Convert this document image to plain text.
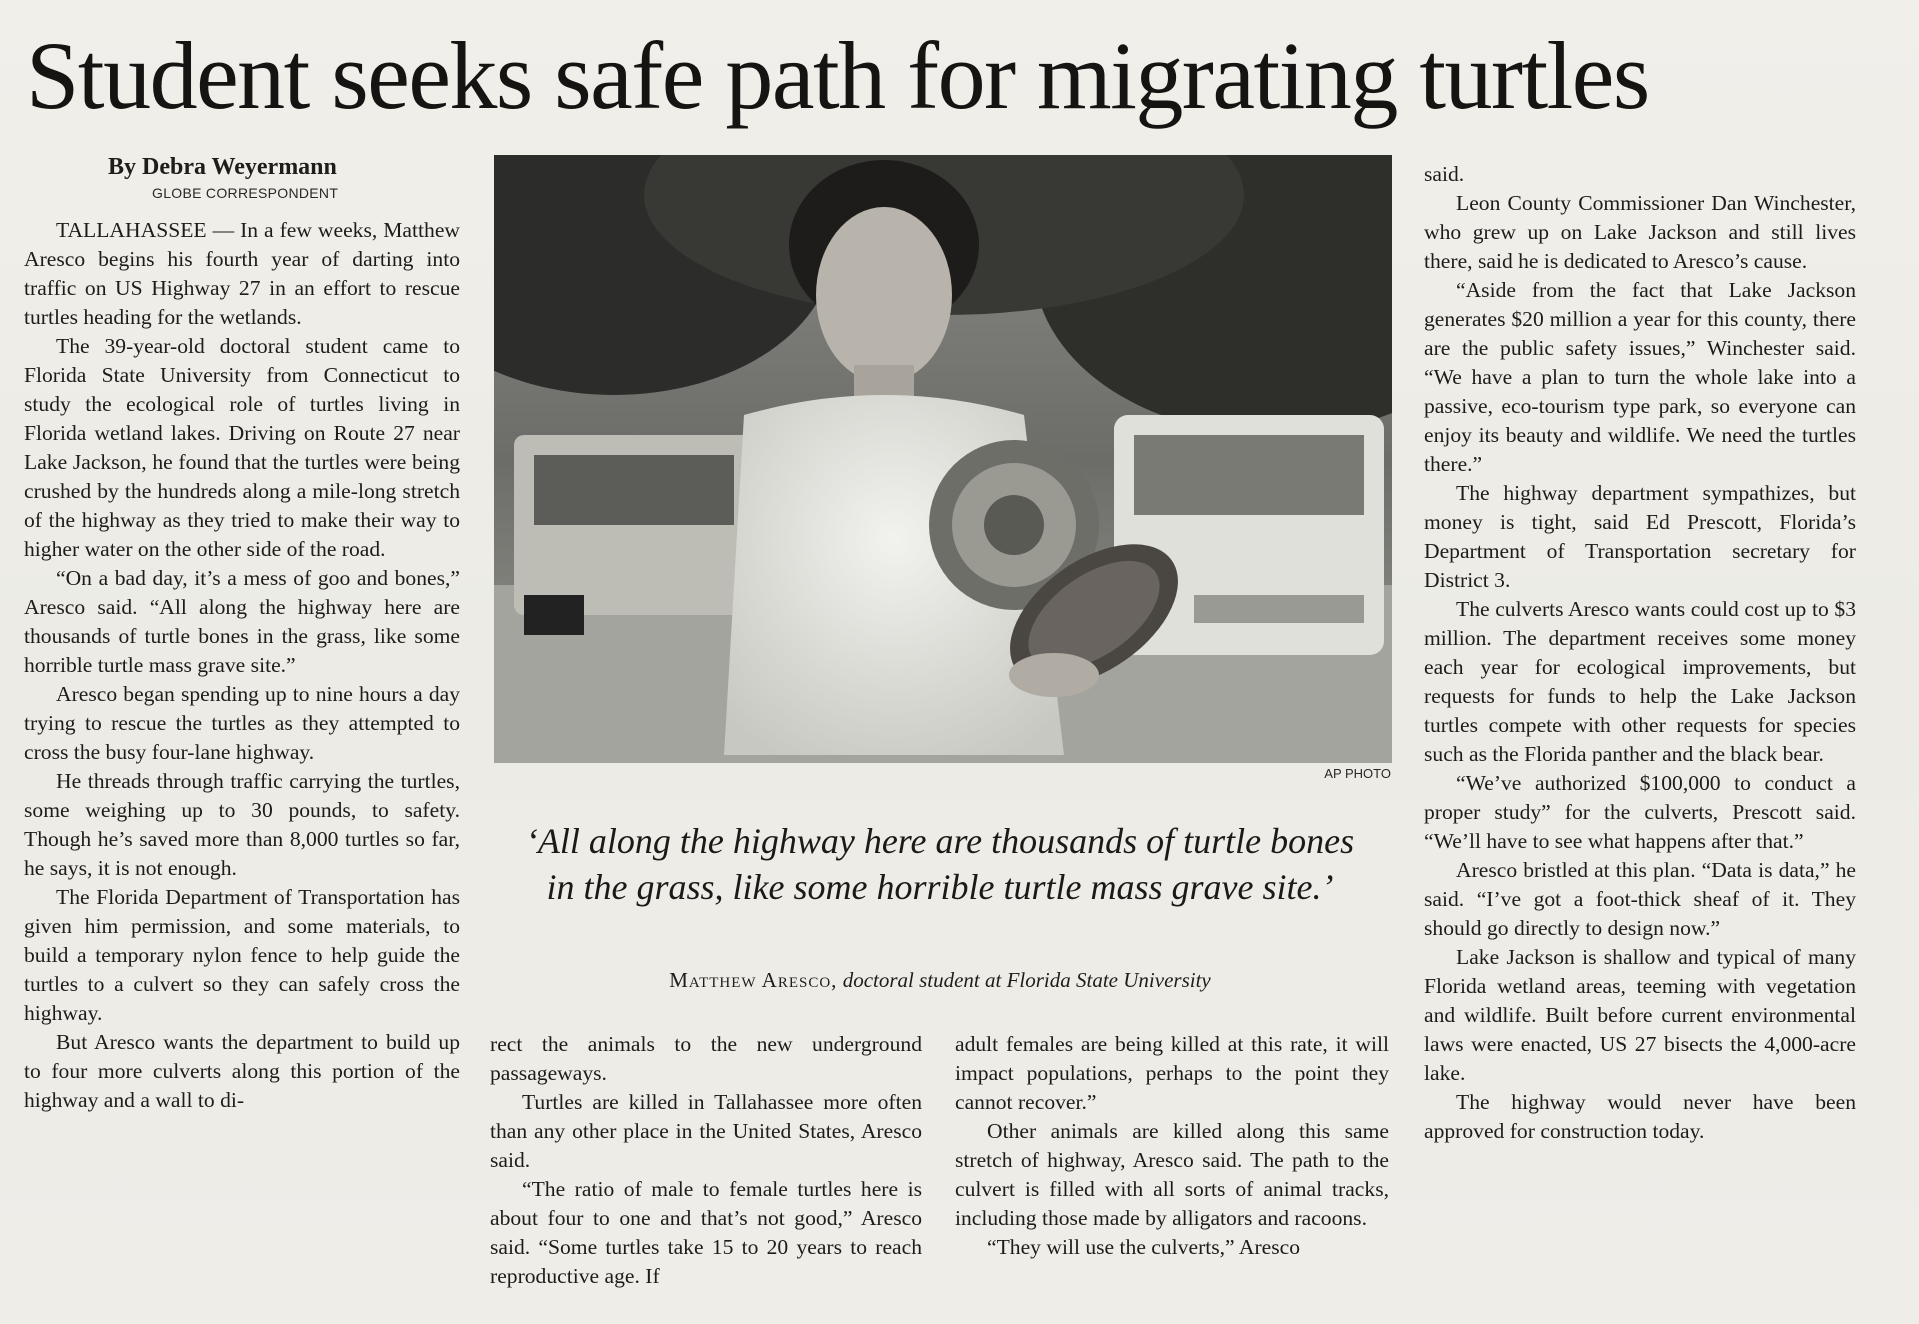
Student seeks safe path for migrating turtles
By Debra Weyermann
GLOBE CORRESPONDENT

TALLAHASSEE — In a few weeks, Matthew Aresco begins his fourth year of darting into traffic on US Highway 27 in an effort to rescue turtles heading for the wetlands.

The 39-year-old doctoral student came to Florida State University from Connecticut to study the ecological role of turtles living in Florida wetland lakes. Driving on Route 27 near Lake Jackson, he found that the turtles were being crushed by the hundreds along a mile-long stretch of the highway as they tried to make their way to higher water on the other side of the road.

“On a bad day, it’s a mess of goo and bones,” Aresco said. “All along the highway here are thousands of turtle bones in the grass, like some horrible turtle mass grave site.”

Aresco began spending up to nine hours a day trying to rescue the turtles as they attempted to cross the busy four-lane highway.

He threads through traffic carrying the turtles, some weighing up to 30 pounds, to safety. Though he’s saved more than 8,000 turtles so far, he says, it is not enough.

The Florida Department of Transportation has given him permission, and some materials, to build a temporary nylon fence to help guide the turtles to a culvert so they can safely cross the highway.

But Aresco wants the department to build up to four more culverts along this portion of the highway and a wall to di-

AP PHOTO
‘All along the highway here are thousands of turtle bones in the grass, like some horrible turtle mass grave site.’
Matthew Aresco, doctoral student at Florida State University

rect the animals to the new underground passageways.

Turtles are killed in Tallahassee more often than any other place in the United States, Aresco said.

“The ratio of male to female turtles here is about four to one and that’s not good,” Aresco said. “Some turtles take 15 to 20 years to reach reproductive age. If

adult females are being killed at this rate, it will impact populations, perhaps to the point they cannot recover.”

Other animals are killed along this same stretch of highway, Aresco said. The path to the culvert is filled with all sorts of animal tracks, including those made by alligators and racoons.

“They will use the culverts,” Aresco

said.

Leon County Commissioner Dan Winchester, who grew up on Lake Jackson and still lives there, said he is dedicated to Aresco’s cause.

“Aside from the fact that Lake Jackson generates $20 million a year for this county, there are the public safety issues,” Winchester said. “We have a plan to turn the whole lake into a passive, eco-tourism type park, so everyone can enjoy its beauty and wildlife. We need the turtles there.”

The highway department sympathizes, but money is tight, said Ed Prescott, Florida’s Department of Transportation secretary for District 3.

The culverts Aresco wants could cost up to $3 million. The department receives some money each year for ecological improvements, but requests for funds to help the Lake Jackson turtles compete with other requests for species such as the Florida panther and the black bear.

“We’ve authorized $100,000 to conduct a proper study” for the culverts, Prescott said. “We’ll have to see what happens after that.”

Aresco bristled at this plan. “Data is data,” he said. “I’ve got a foot-thick sheaf of it. They should go directly to design now.”

Lake Jackson is shallow and typical of many Florida wetland areas, teeming with vegetation and wildlife. Built before current environmental laws were enacted, US 27 bisects the 4,000-acre lake.

The highway would never have been approved for construction today.
